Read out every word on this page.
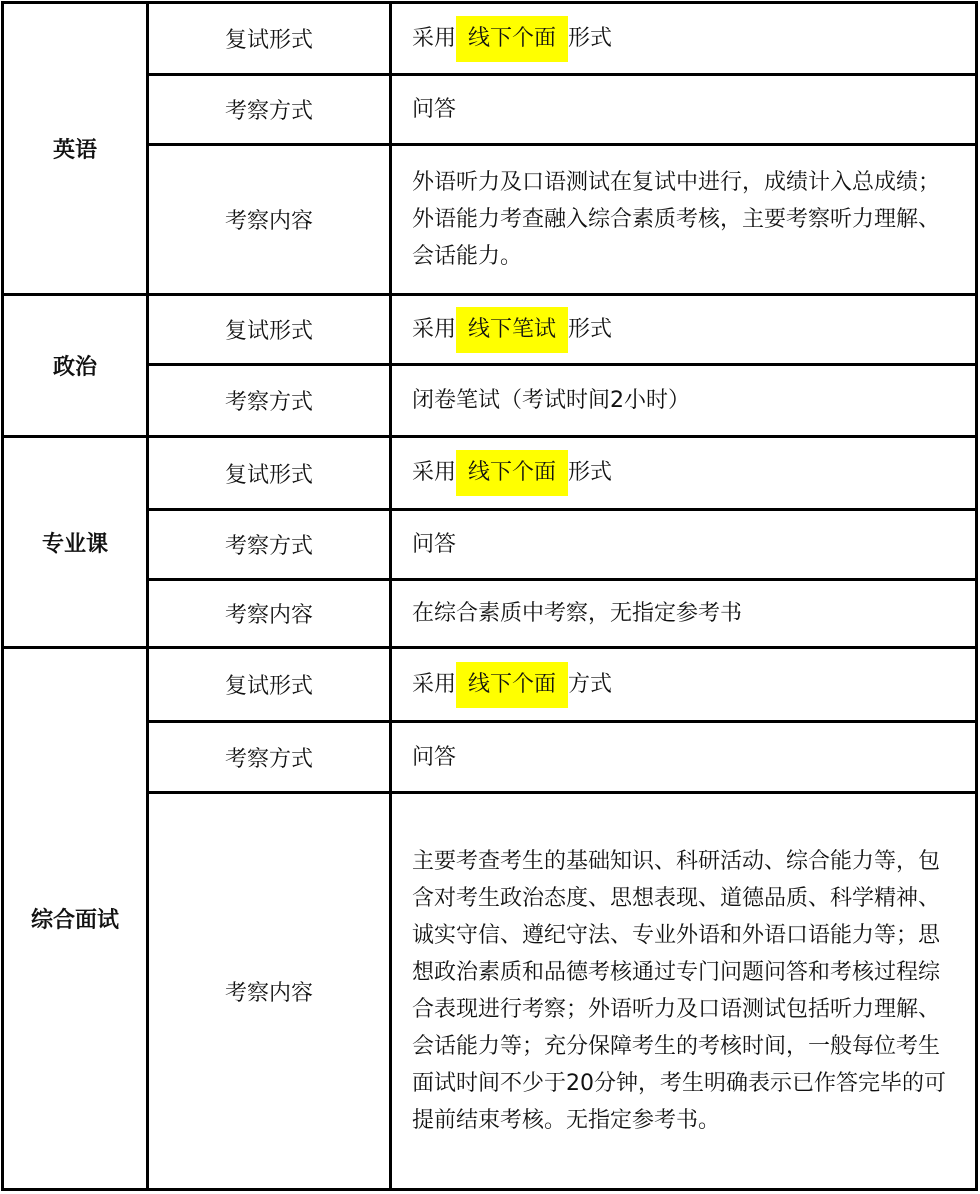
英语	复试形式	采用 线下个面 形式
	考察方式	问答
	考察内容	外语听力及口语测试在复试中进行，成绩计入总成绩；外语能力考查融入综合素质考核，主要考察听力理解、会话能力。
政治	复试形式	采用 线下笔试 形式
	考察方式	闭卷笔试（考试时间2小时）
专业课	复试形式	采用 线下个面 形式
	考察方式	问答
	考察内容	在综合素质中考察，无指定参考书
综合面试	复试形式	采用 线下个面 方式
	考察方式	问答
	考察内容	主要考查考生的基础知识、科研活动、综合能力等，包含对考生政治态度、思想表现、道德品质、科学精神、诚实守信、遵纪守法、专业外语和外语口语能力等；思想政治素质和品德考核通过专门问题问答和考核过程综合表现进行考察；外语听力及口语测试包括听力理解、会话能力等；充分保障考生的考核时间，一般每位考生面试时间不少于20分钟，考生明确表示已作答完毕的可提前结束考核。无指定参考书。
